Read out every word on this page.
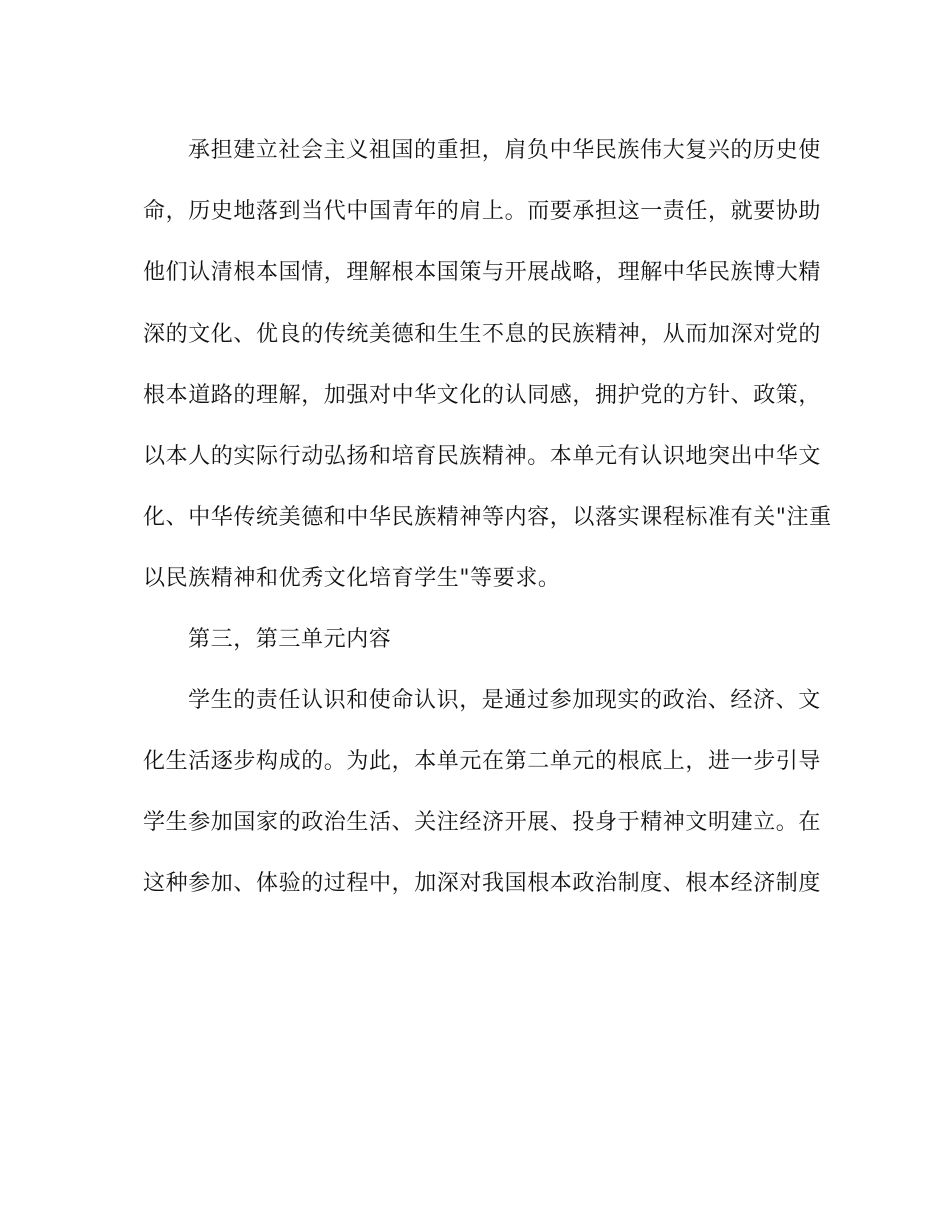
承担建立社会主义祖国的重担，肩负中华民族伟大复兴的历史使
命，历史地落到当代中国青年的肩上。而要承担这一责任，就要协助
他们认清根本国情，理解根本国策与开展战略，理解中华民族博大精
深的文化、优良的传统美德和生生不息的民族精神，从而加深对党的
根本道路的理解，加强对中华文化的认同感，拥护党的方针、政策，
以本人的实际行动弘扬和培育民族精神。本单元有认识地突出中华文
化、中华传统美德和中华民族精神等内容，以落实课程标准有关"注重
以民族精神和优秀文化培育学生"等要求。

第三，第三单元内容

学生的责任认识和使命认识，是通过参加现实的政治、经济、文
化生活逐步构成的。为此，本单元在第二单元的根底上，进一步引导
学生参加国家的政治生活、关注经济开展、投身于精神文明建立。在
这种参加、体验的过程中，加深对我国根本政治制度、根本经济制度
